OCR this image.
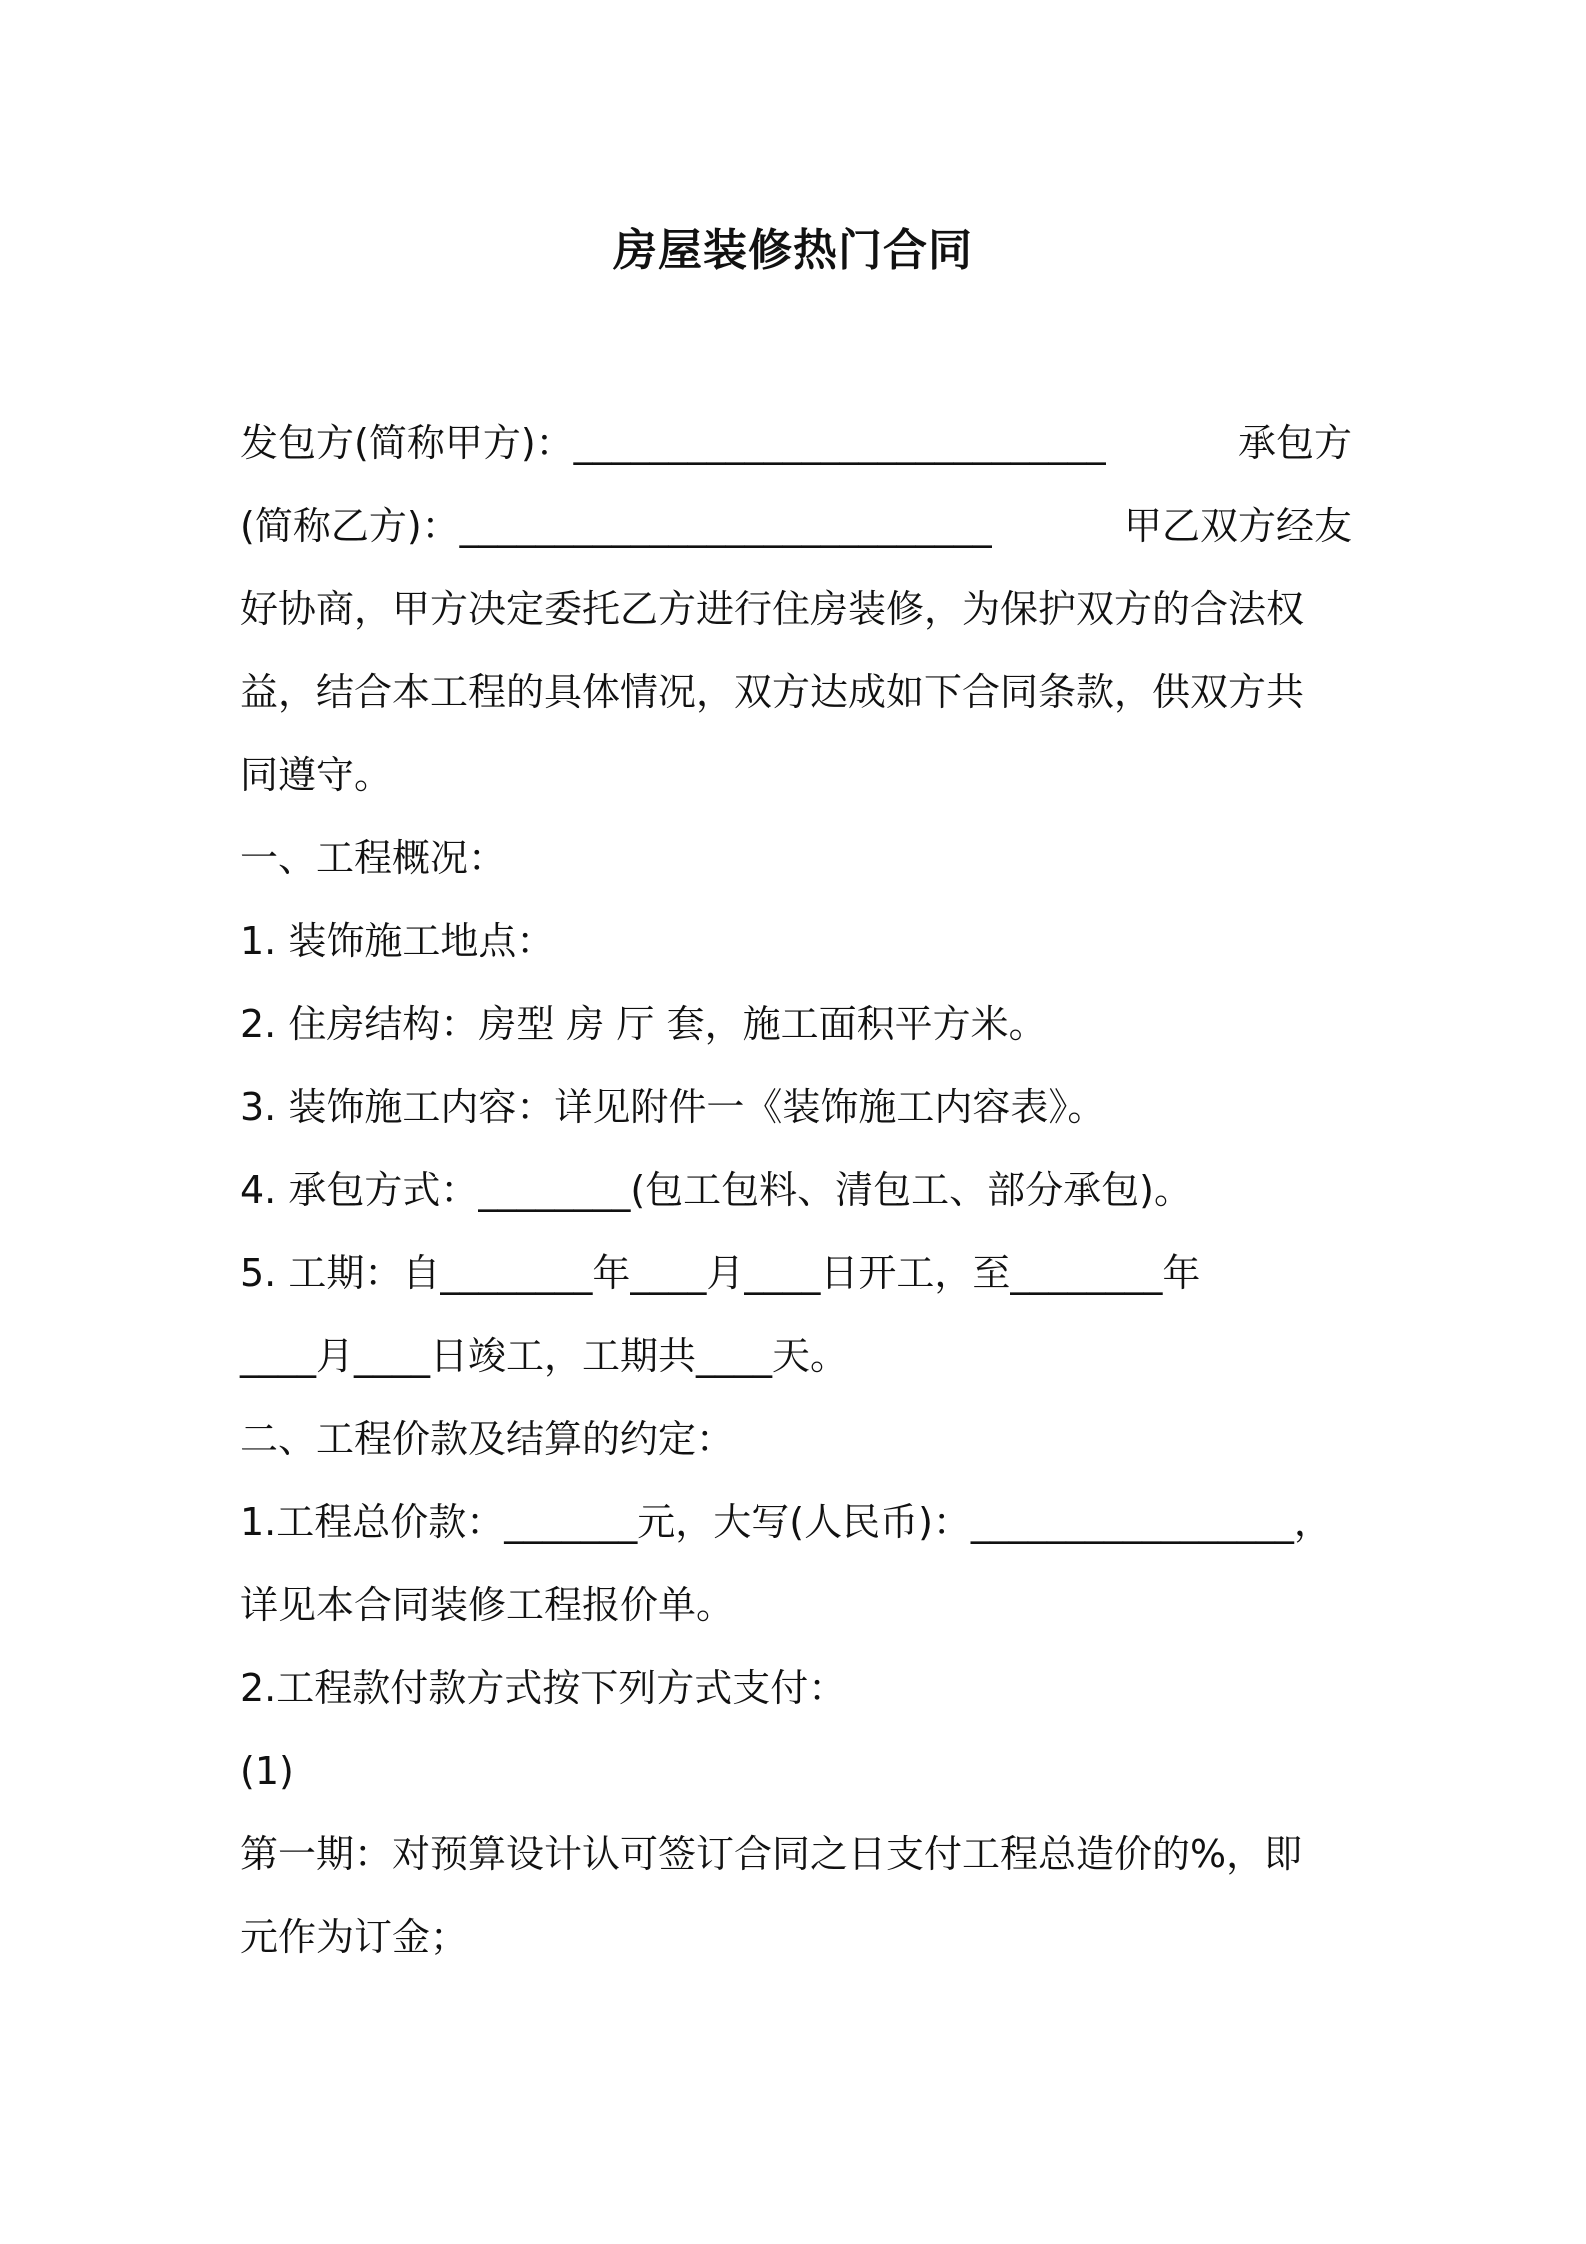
房屋装修热门合同
发包方(简称甲方)：____________________________	承包方
(简称乙方)：____________________________	甲乙双方经友
好协商，甲方决定委托乙方进行住房装修，为保护双方的合法权
益，结合本工程的具体情况，双方达成如下合同条款，供双方共
同遵守。
一、工程概况：
1. 装饰施工地点：
2. 住房结构：房型 房 厅 套，施工面积平方米。
3. 装饰施工内容：详见附件一《装饰施工内容表》。
4. 承包方式：________(包工包料、清包工、部分承包)。
5. 工期：自________年____月____日开工，至________年
____月____日竣工，工期共____天。
二、工程价款及结算的约定：
1.工程总价款：_______元，大写(人民币)：_________________，
详见本合同装修工程报价单。
2.工程款付款方式按下列方式支付：
(1)
第一期：对预算设计认可签订合同之日支付工程总造价的%，即
元作为订金；
